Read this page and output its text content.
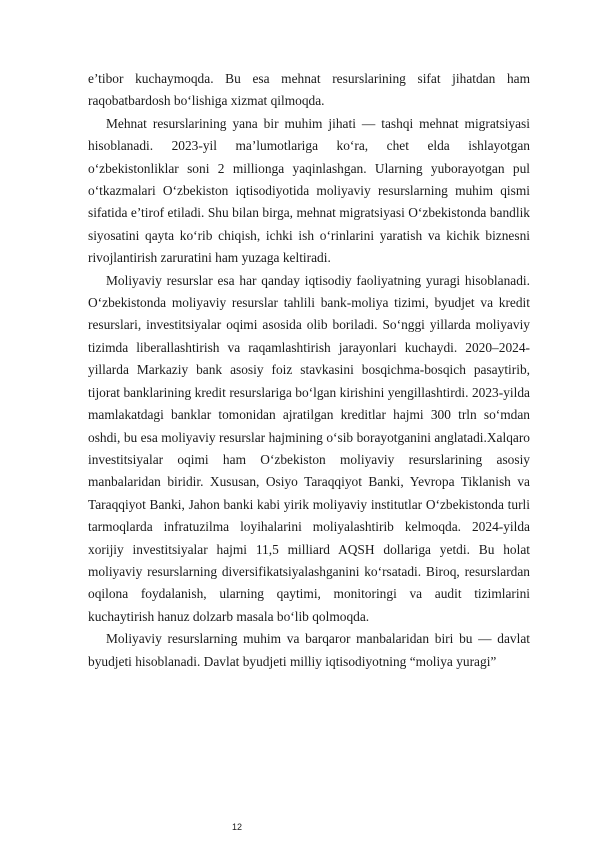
e’tibor kuchaymoqda. Bu esa mehnat resurslarining sifat jihatdan ham raqobatbardosh bo‘lishiga xizmat qilmoqda.

Mehnat resurslarining yana bir muhim jihati — tashqi mehnat migratsiyasi hisoblanadi. 2023-yil ma’lumotlariga ko‘ra, chet elda ishlayotgan o‘zbekistonliklar soni 2 millionga yaqinlashgan. Ularning yuborayotgan pul o‘tkazmalari O‘zbekiston iqtisodiyotida moliyaviy resurslarning muhim qismi sifatida e’tirof etiladi. Shu bilan birga, mehnat migratsiyasi O‘zbekistonda bandlik siyosatini qayta ko‘rib chiqish, ichki ish o‘rinlarini yaratish va kichik biznesni rivojlantirish zaruratini ham yuzaga keltiradi.

Moliyaviy resurslar esa har qanday iqtisodiy faoliyatning yuragi hisoblanadi. O‘zbekistonda moliyaviy resurslar tahlili bank-moliya tizimi, byudjet va kredit resurslari, investitsiyalar oqimi asosida olib boriladi. So‘nggi yillarda moliyaviy tizimda liberallashtirish va raqamlashtirish jarayonlari kuchaydi. 2020–2024-yillarda Markaziy bank asosiy foiz stavkasini bosqichma-bosqich pasaytirib, tijorat banklarining kredit resurslariga bo‘lgan kirishini yengillashtirdi. 2023-yilda mamlakatdagi banklar tomonidan ajratilgan kreditlar hajmi 300 trln so‘mdan oshdi, bu esa moliyaviy resurslar hajmining o‘sib borayotganini anglatadi.Xalqaro investitsiyalar oqimi ham O‘zbekiston moliyaviy resurslarining asosiy manbalaridan biridir. Xususan, Osiyo Taraqqiyot Banki, Yevropa Tiklanish va Taraqqiyot Banki, Jahon banki kabi yirik moliyaviy institutlar O‘zbekistonda turli tarmoqlarda infratuzilma loyihalarini moliyalashtirib kelmoqda. 2024-yilda xorijiy investitsiyalar hajmi 11,5 milliard AQSH dollariga yetdi. Bu holat moliyaviy resurslarning diversifikatsiyalashganini ko‘rsatadi. Biroq, resurslardan oqilona foydalanish, ularning qaytimi, monitoringi va audit tizimlarini kuchaytirish hanuz dolzarb masala bo‘lib qolmoqda.

Moliyaviy resurslarning muhim va barqaror manbalaridan biri bu — davlat byudjeti hisoblanadi. Davlat byudjeti milliy iqtisodiyotning “moliya yuragi”

12
